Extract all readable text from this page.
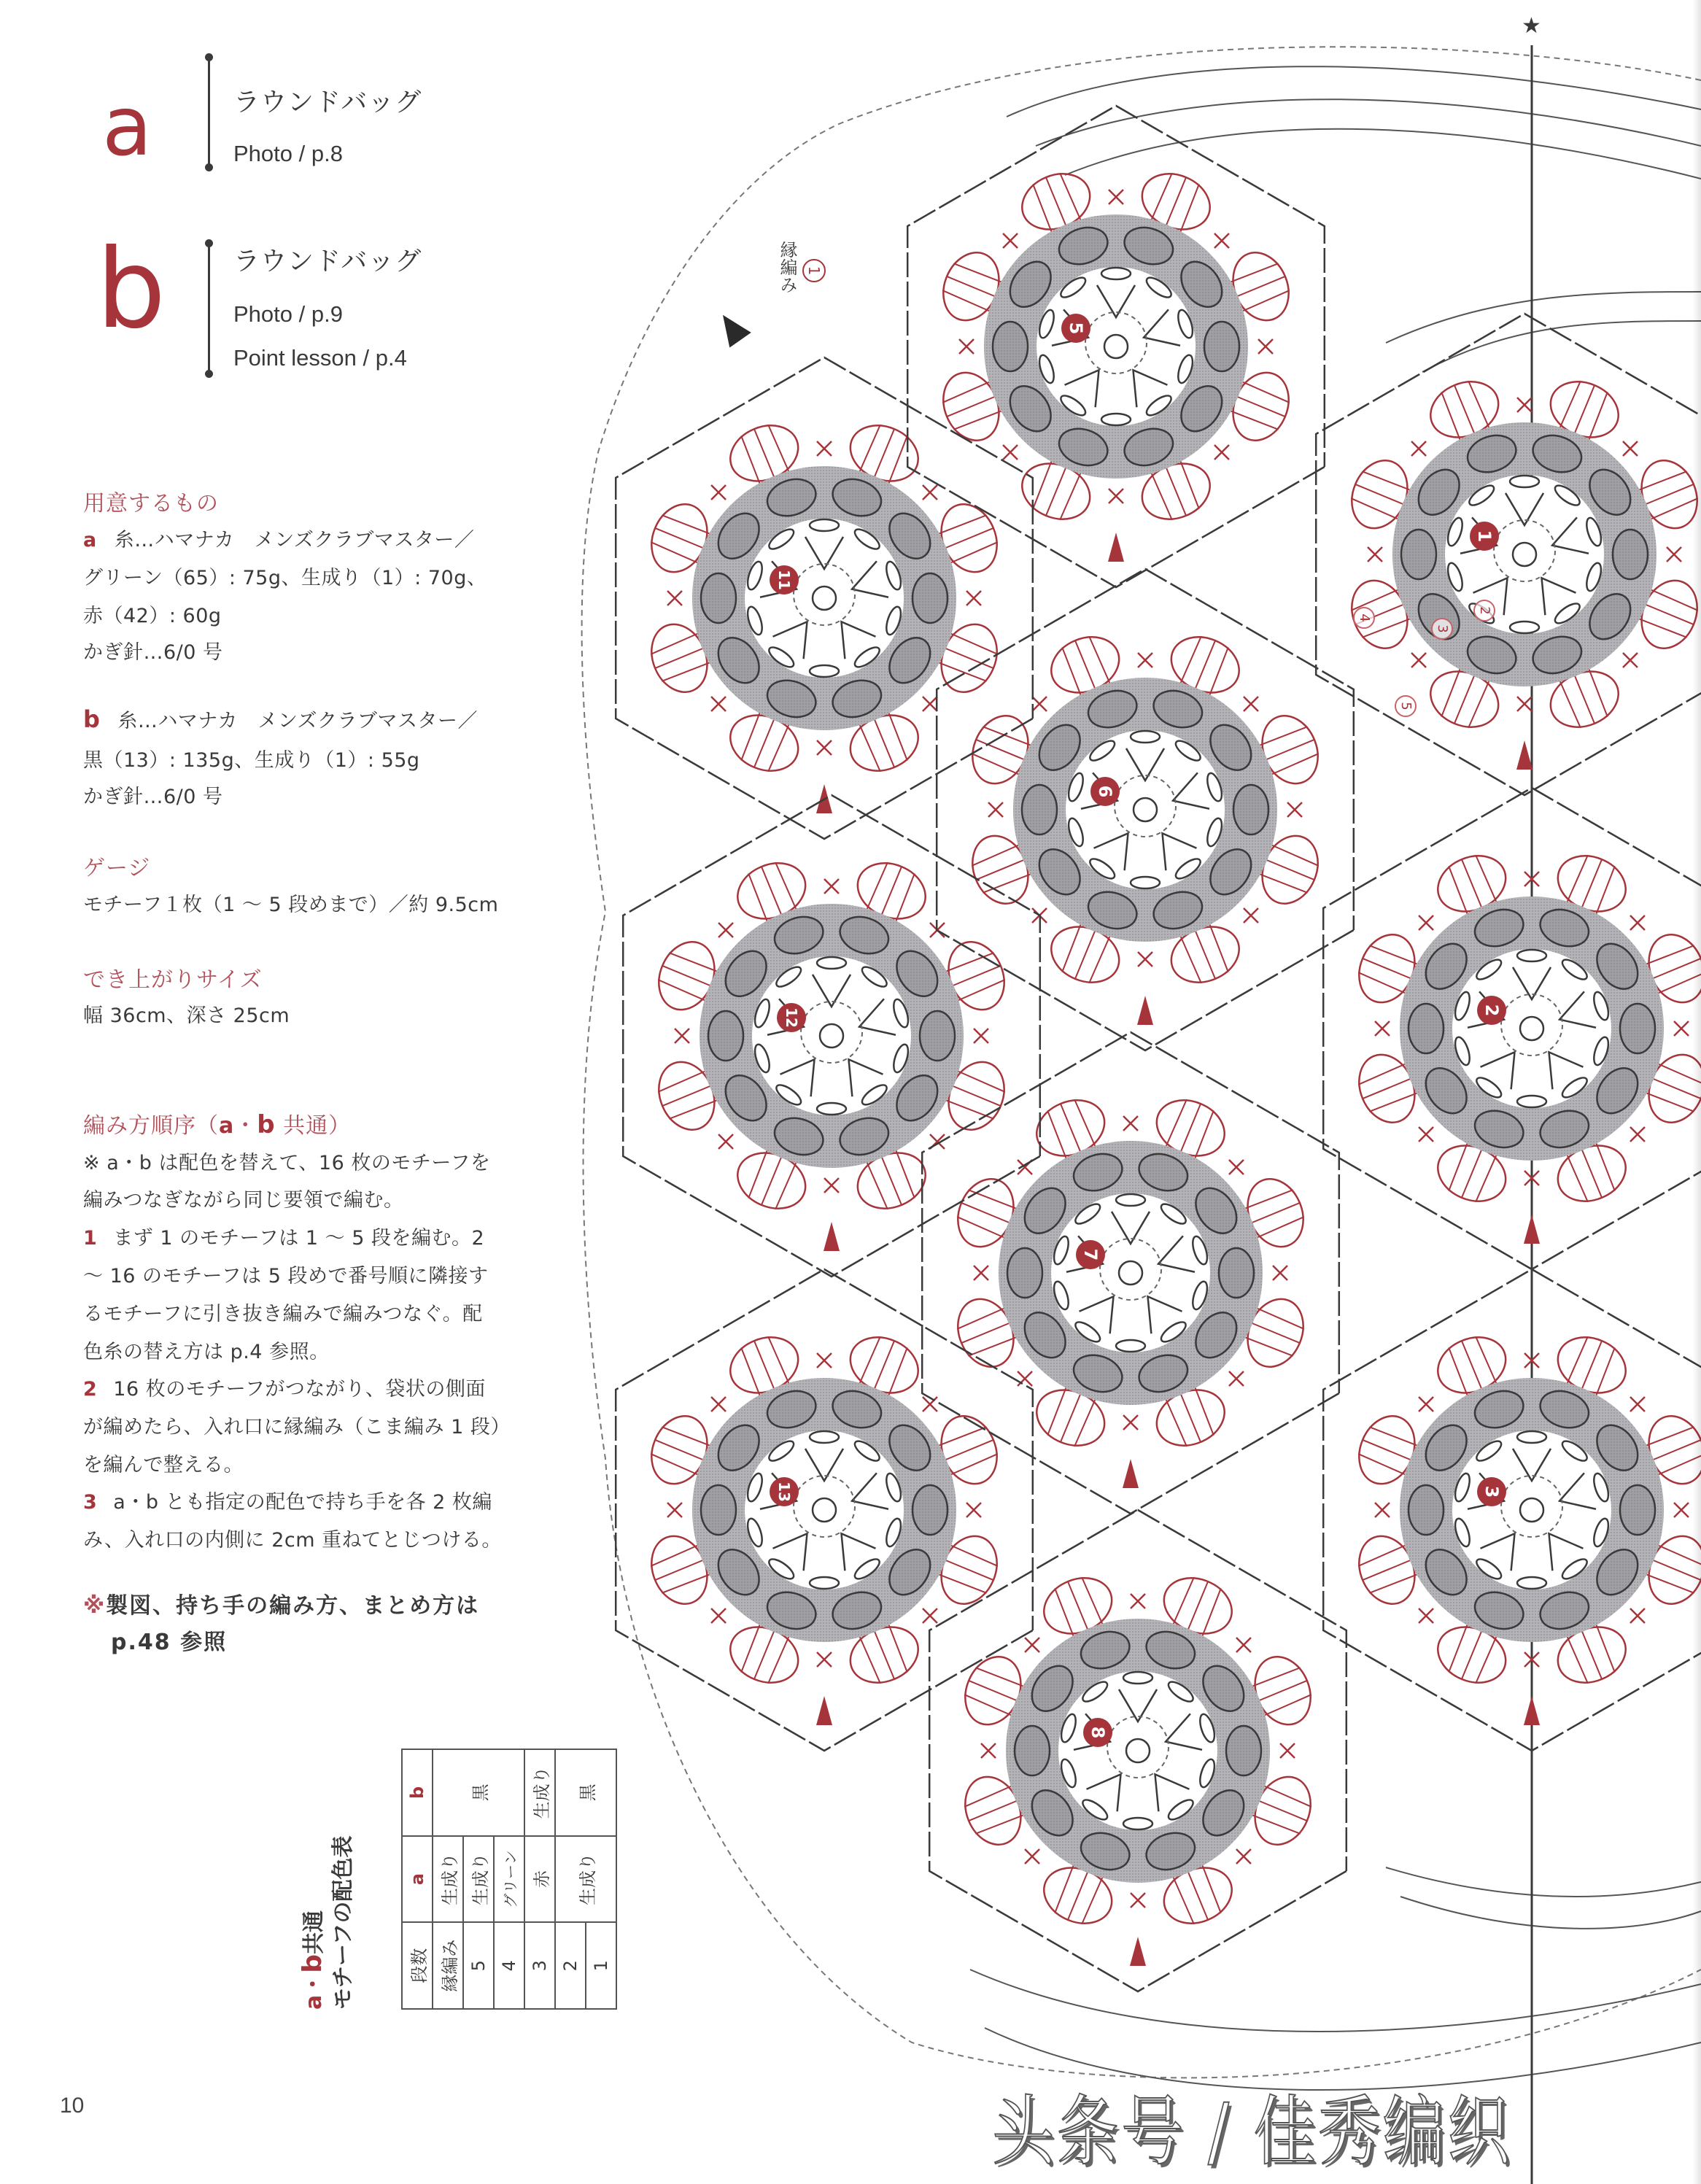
1
2
3
5
6
7
8
11
12
13
★
縁編み 1
2
3
4
5
a	ラウンドバッグ
Photo / p.8
b	ラウンドバッグ
Photo / p.9
Point lesson / p.4
用意するもの
a 糸…ハマナカ　メンズクラブマスター／
グリーン（65）: 75g、生成り（1）: 70g、
赤（42）: 60g
かぎ針…6/0 号
b 糸…ハマナカ　メンズクラブマスター／
黒（13）: 135g、生成り（1）: 55g
かぎ針…6/0 号
ゲージ
モチーフ１枚（1 ～ 5 段めまで）／約 9.5cm
でき上がりサイズ
幅 36cm、深さ 25cm
編み方順序（a・b 共通）
※ a・b は配色を替えて、16 枚のモチーフを
編みつなぎながら同じ要領で編む。
1 まず 1 のモチーフは 1 ～ 5 段を編む。2
～ 16 のモチーフは 5 段めで番号順に隣接す
るモチーフに引き抜き編みで編みつなぐ。配
色糸の替え方は p.4 参照。
2 16 枚のモチーフがつながり、袋状の側面
が編めたら、入れ口に縁編み（こま編み 1 段）
を編んで整える。
3 a・b とも指定の配色で持ち手を各 2 枚編
み、入れ口の内側に 2cm 重ねてとじつける。
※製図、持ち手の編み方、まとめ方は
p.48 参照
a・b共通 モチーフの配色表	段数	a	b
縁編み	生成り	黒
5	生成り	
4	グリーン	
3	赤	生成り
2	生成り	黒
1		
10	头条号 / 佳秀编织
